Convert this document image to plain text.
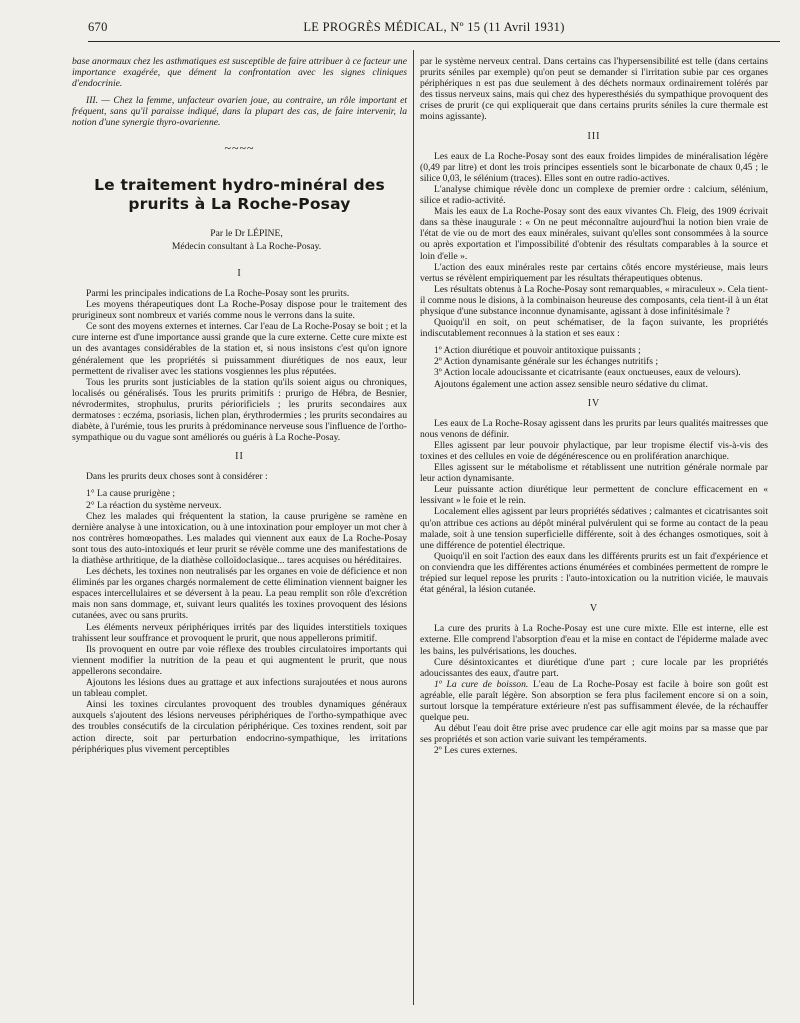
670	LE PROGRÈS MÉDICAL, Nº 15 (11 Avril 1931)

base anormaux chez les asthmatiques est susceptible de faire attribuer à ce facteur une importance exagérée, que dément la confrontation avec les signes cliniques d'endocrinie.

III. — Chez la femme, unfacteur ovarien joue, au contraire, un rôle important et fréquent, sans qu'il paraisse indiqué, dans la plupart des cas, de faire intervenir, la notion d'une synergie thyro-ovarienne.

~~~~
Le traitement hydro-minéral des prurits à La Roche-Posay

Par le Dr LÉPINE,

Médecin consultant à La Roche-Posay.

I

Parmi les principales indications de La Roche-Posay sont les prurits.

Les moyens thérapeutiques dont La Roche-Posay dispose pour le traitement des prurigineux sont nombreux et variés comme nous le verrons dans la suite.

Ce sont des moyens externes et internes. Car l'eau de La Roche-Posay se boit ; et la cure interne est d'une importance aussi grande que la cure externe. Cette cure mixte est un des avantages considérables de la station et, si nous insistons c'est qu'on ignore généralement que les propriétés si puissamment diurétiques de nos eaux, leur permettent de rivaliser avec les stations vosgiennes les plus réputées.

Tous les prurits sont justiciables de la station qu'ils soient aigus ou chroniques, localisés ou généralisés. Tous les prurits primitifs : prurigo de Hébra, de Besnier, névrodermites, strophulus, prurits périorificiels ; les prurits secondaires aux dermatoses : eczéma, psoriasis, lichen plan, érythrodermies ; les prurits secondaires au diabète, à l'urémie, tous les prurits à prédominance nerveuse sous l'influence de l'ortho-sympathique ou du vague sont améliorés ou guéris à La Roche-Posay.

II

Dans les prurits deux choses sont à considérer :

1° La cause prurigène ;

2° La réaction du système nerveux.

Chez les malades qui fréquentent la station, la cause prurigène se ramène en dernière analyse à une intoxication, ou à une intoxination pour employer un mot cher à nos contrères homœopathes. Les malades qui viennent aux eaux de La Roche-Posay sont tous des auto-intoxiqués et leur prurit se révèle comme une des manifestations de la diathèse arthritique, de la diathèse colloïdoclasique... tares acquises ou héréditaires.

Les déchets, les toxines non neutralisés par les organes en voie de déficience et non éliminés par les organes chargés normalement de cette élimination viennent baigner les espaces intercellulaires et se déversent à la peau. La peau remplit son rôle d'excrétion mais non sans dommage, et, suivant leurs qualités les toxines provoquent des lésions cutanées, avec ou sans prurits.

Les éléments nerveux périphériques irrités par des liquides interstitiels toxiques trahissent leur souffrance et provoquent le prurit, que nous appellerons primitif.

Ils provoquent en outre par voie réflexe des troubles circulatoires importants qui viennent modifier la nutrition de la peau et qui augmentent le prurit, que nous appellerons secondaire.

Ajoutons les lésions dues au grattage et aux infections surajoutées et nous aurons un tableau complet.

Ainsi les toxines circulantes provoquent des troubles dynamiques généraux auxquels s'ajoutent des lésions nerveuses périphériques de l'ortho-sympathique avec des troubles consécutifs de la circulation périphérique. Ces toxines rendent, soit par action directe, soit par perturbation endocrino-sympathique, les irritations périphériques plus vivement perceptibles

par le système nerveux central. Dans certains cas l'hypersensibilité est telle (dans certains prurits séniles par exemple) qu'on peut se demander si l'irritation subie par ces organes périphériques n est pas due seulement à des déchets normaux ordinairement tolérés par des tissus nerveux sains, mais qui chez des hyperesthésiés du sympathique provoquent des crises de prurit (ce qui expliquerait que dans certains prurits séniles la cure thermale est moins agissante).

III

Les eaux de La Roche-Posay sont des eaux froides limpides de minéralisation légère (0,49 par litre) et dont les trois principes essentiels sont le bicarbonate de chaux 0,45 ; le silice 0,03, le sélénium (traces). Elles sont en outre radio-actives.

L'analyse chimique révèle donc un complexe de premier ordre : calcium, sélénium, silice et radio-activité.

Mais les eaux de La Roche-Posay sont des eaux vivantes Ch. Fleig, des 1909 écrivait dans sa thèse inaugurale : « On ne peut méconnaître aujourd'hui la notion bien vraie de l'état de vie ou de mort des eaux minérales, suivant qu'elles sont consommées à la source ou après exportation et l'impossibilité d'obtenir des résultats comparables à la source et loin d'elle ».

L'action des eaux minérales reste par certains côtés encore mystérieuse, mais leurs vertus se révèlent empiriquement par les résultats thérapeutiques obtenus.

Les résultats obtenus à La Roche-Posay sont remarquables, « miraculeux ». Cela tient-il comme nous le disions, à la combinaison heureuse des composants, cela tient-il à un état physique d'une substance inconnue dynamisante, agissant à dose infinitésimale ?

Quoiqu'il en soit, on peut schématiser, de la façon suivante, les propriétés indiscutablement reconnues à la station et ses eaux :

1º Action diurétique et pouvoir antitoxique puissants ;

2º Action dynamisante générale sur les échanges nutritifs ;

3º Action locale adoucissante et cicatrisante (eaux onctueuses, eaux de velours).

Ajoutons également une action assez sensible neuro sédative du climat.

IV

Les eaux de La Roche-Rosay agissent dans les prurits par leurs qualités maitresses que nous venons de définir.

Elles agissent par leur pouvoir phylactique, par leur tropisme électif vis-à-vis des toxines et des cellules en voie de dégénérescence ou en prolifération anarchique.

Elles agissent sur le métabolisme et rétablissent une nutrition générale normale par leur action dynamisante.

Leur puissante action diurétique leur permettent de conclure efficacement en « lessivant » le foie et le rein.

Localement elles agissent par leurs propriétés sédatives ; calmantes et cicatrisantes soit qu'on attribue ces actions au dépôt minéral pulvérulent qui se forme au contact de la peau malade, soit à une tension superficielle différente, soit à des échanges osmotiques, soit à une différence de potentiel électrique.

Quoiqu'il en soit l'action des eaux dans les différents prurits est un fait d'expérience et on conviendra que les différentes actions énumérées et combinées permettent de rompre le trépied sur lequel repose les prurits : l'auto-intoxication ou la nutrition viciée, le mauvais état général, la lésion cutanée.

V

La cure des prurits à La Roche-Posay est une cure mixte. Elle est interne, elle est externe. Elle comprend l'absorption d'eau et la mise en contact de l'épiderme malade avec les bains, les pulvérisations, les douches.

Cure désintoxicantes et diurétique d'une part ; cure locale par les propriétés adoucissantes des eaux, d'autre part.

1º La cure de boisson. L'eau de La Roche-Posay est facile à boire son goût est agréable, elle paraît légère. Son absorption se fera plus facilement encore si on a soin, surtout lorsque la température extérieure n'est pas suffisamment élevée, de la réchauffer quelque peu.

Au début l'eau doit être prise avec prudence car elle agit moins par sa masse que par ses propriétés et son action varie suivant les tempéraments.

2º Les cures externes.
